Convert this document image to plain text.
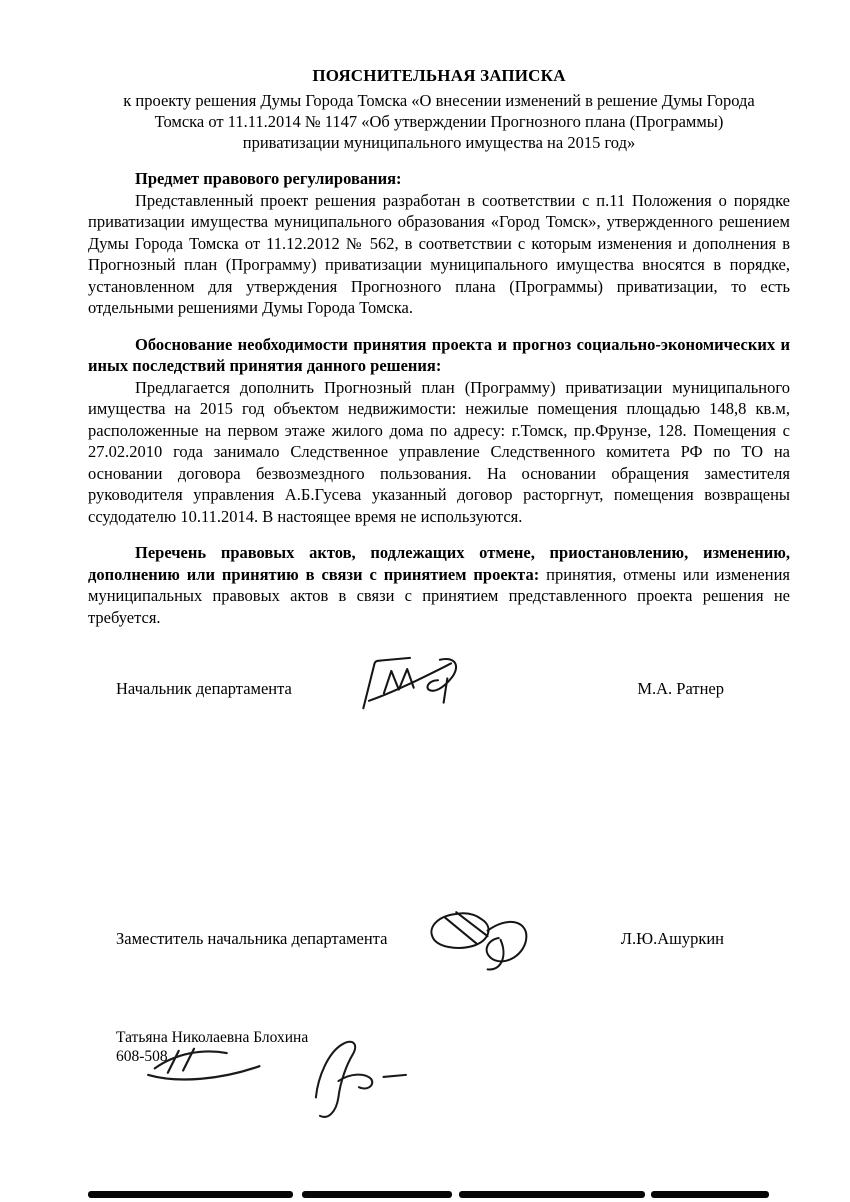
ПОЯСНИТЕЛЬНАЯ ЗАПИСКА

к проекту решения Думы Города Томска «О внесении изменений в решение Думы Города Томска от 11.11.2014 № 1147 «Об утверждении Прогнозного плана (Программы) приватизации муниципального имущества на 2015 год»

Предмет правового регулирования:

Представленный проект решения разработан в соответствии с п.11 Положения о порядке приватизации имущества муниципального образования «Город Томск», утвержденного решением Думы Города Томска от 11.12.2012 № 562, в соответствии с которым изменения и дополнения в Прогнозный план (Программу) приватизации муниципального имущества вносятся в порядке, установленном для утверждения Прогнозного плана (Программы) приватизации, то есть отдельными решениями Думы Города Томска.

Обоснование необходимости принятия проекта и прогноз социально-экономических и иных последствий принятия данного решения:

Предлагается дополнить Прогнозный план (Программу) приватизации муниципального имущества на 2015 год объектом недвижимости: нежилые помещения площадью 148,8 кв.м, расположенные на первом этаже жилого дома по адресу: г.Томск, пр.Фрунзе, 128. Помещения с 27.02.2010 года занимало Следственное управление Следственного комитета РФ по ТО на основании договора безвозмездного пользования. На основании обращения заместителя руководителя управления А.Б.Гусева указанный договор расторгнут, помещения возвращены ссудодателю 10.11.2014. В настоящее время не используются.

Перечень правовых актов, подлежащих отмене, приостановлению, изменению, дополнению или принятию в связи с принятием проекта: принятия, отмены или изменения муниципальных правовых актов в связи с принятием представленного проекта решения не требуется.

Начальник департамента	М.А. Ратнер
Заместитель начальника департамента	Л.Ю.Ашуркин
Татьяна Николаевна Блохина
608-508
